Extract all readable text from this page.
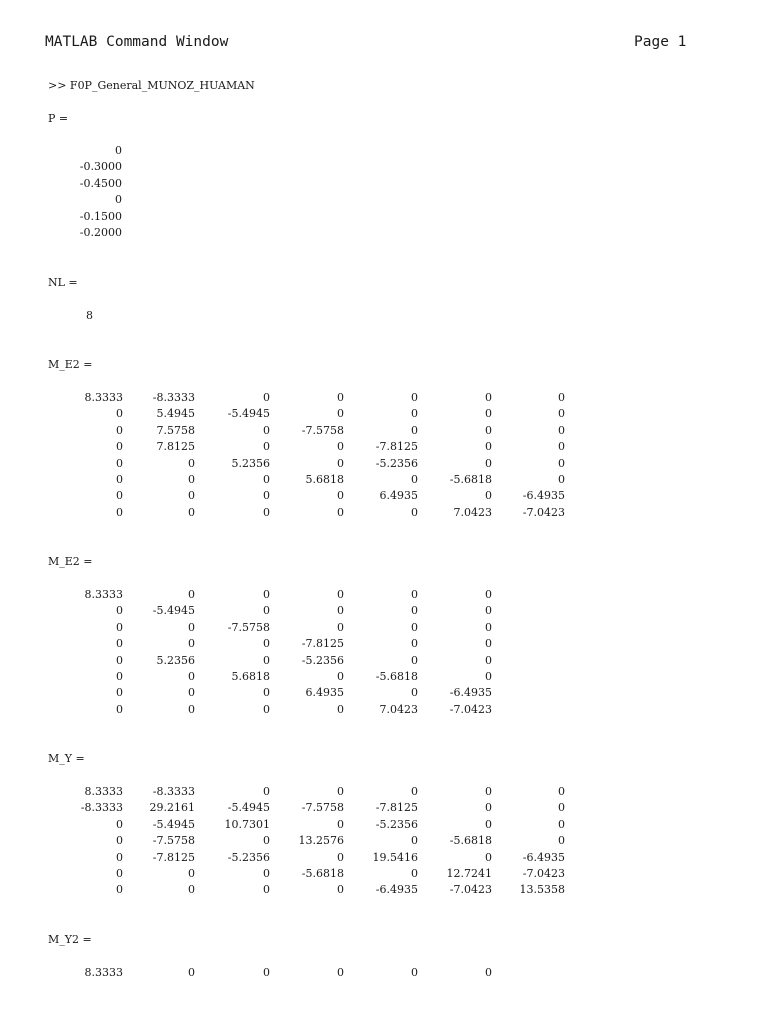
MATLAB Command Window	Page 1
>> F0P_General_MUNOZ_HUAMAN
P =
0
-0.3000
-0.4500
0
-0.1500
-0.2000
NL =
8
M_E2 =
8.3333	-8.3333	0	0	0	0	0
0	5.4945	-5.4945	0	0	0	0
0	7.5758	0	-7.5758	0	0	0
0	7.8125	0	0	-7.8125	0	0
0	0	5.2356	0	-5.2356	0	0
0	0	0	5.6818	0	-5.6818	0
0	0	0	0	6.4935	0	-6.4935
0	0	0	0	0	7.0423	-7.0423
M_E2 =
8.3333	0	0	0	0	0
0	-5.4945	0	0	0	0
0	0	-7.5758	0	0	0
0	0	0	-7.8125	0	0
0	5.2356	0	-5.2356	0	0
0	0	5.6818	0	-5.6818	0
0	0	0	6.4935	0	-6.4935
0	0	0	0	7.0423	-7.0423
M_Y =
8.3333	-8.3333	0	0	0	0	0
-8.3333	29.2161	-5.4945	-7.5758	-7.8125	0	0
0	-5.4945	10.7301	0	-5.2356	0	0
0	-7.5758	0	13.2576	0	-5.6818	0
0	-7.8125	-5.2356	0	19.5416	0	-6.4935
0	0	0	-5.6818	0	12.7241	-7.0423
0	0	0	0	-6.4935	-7.0423	13.5358
M_Y2 =
8.3333	0	0	0	0	0
